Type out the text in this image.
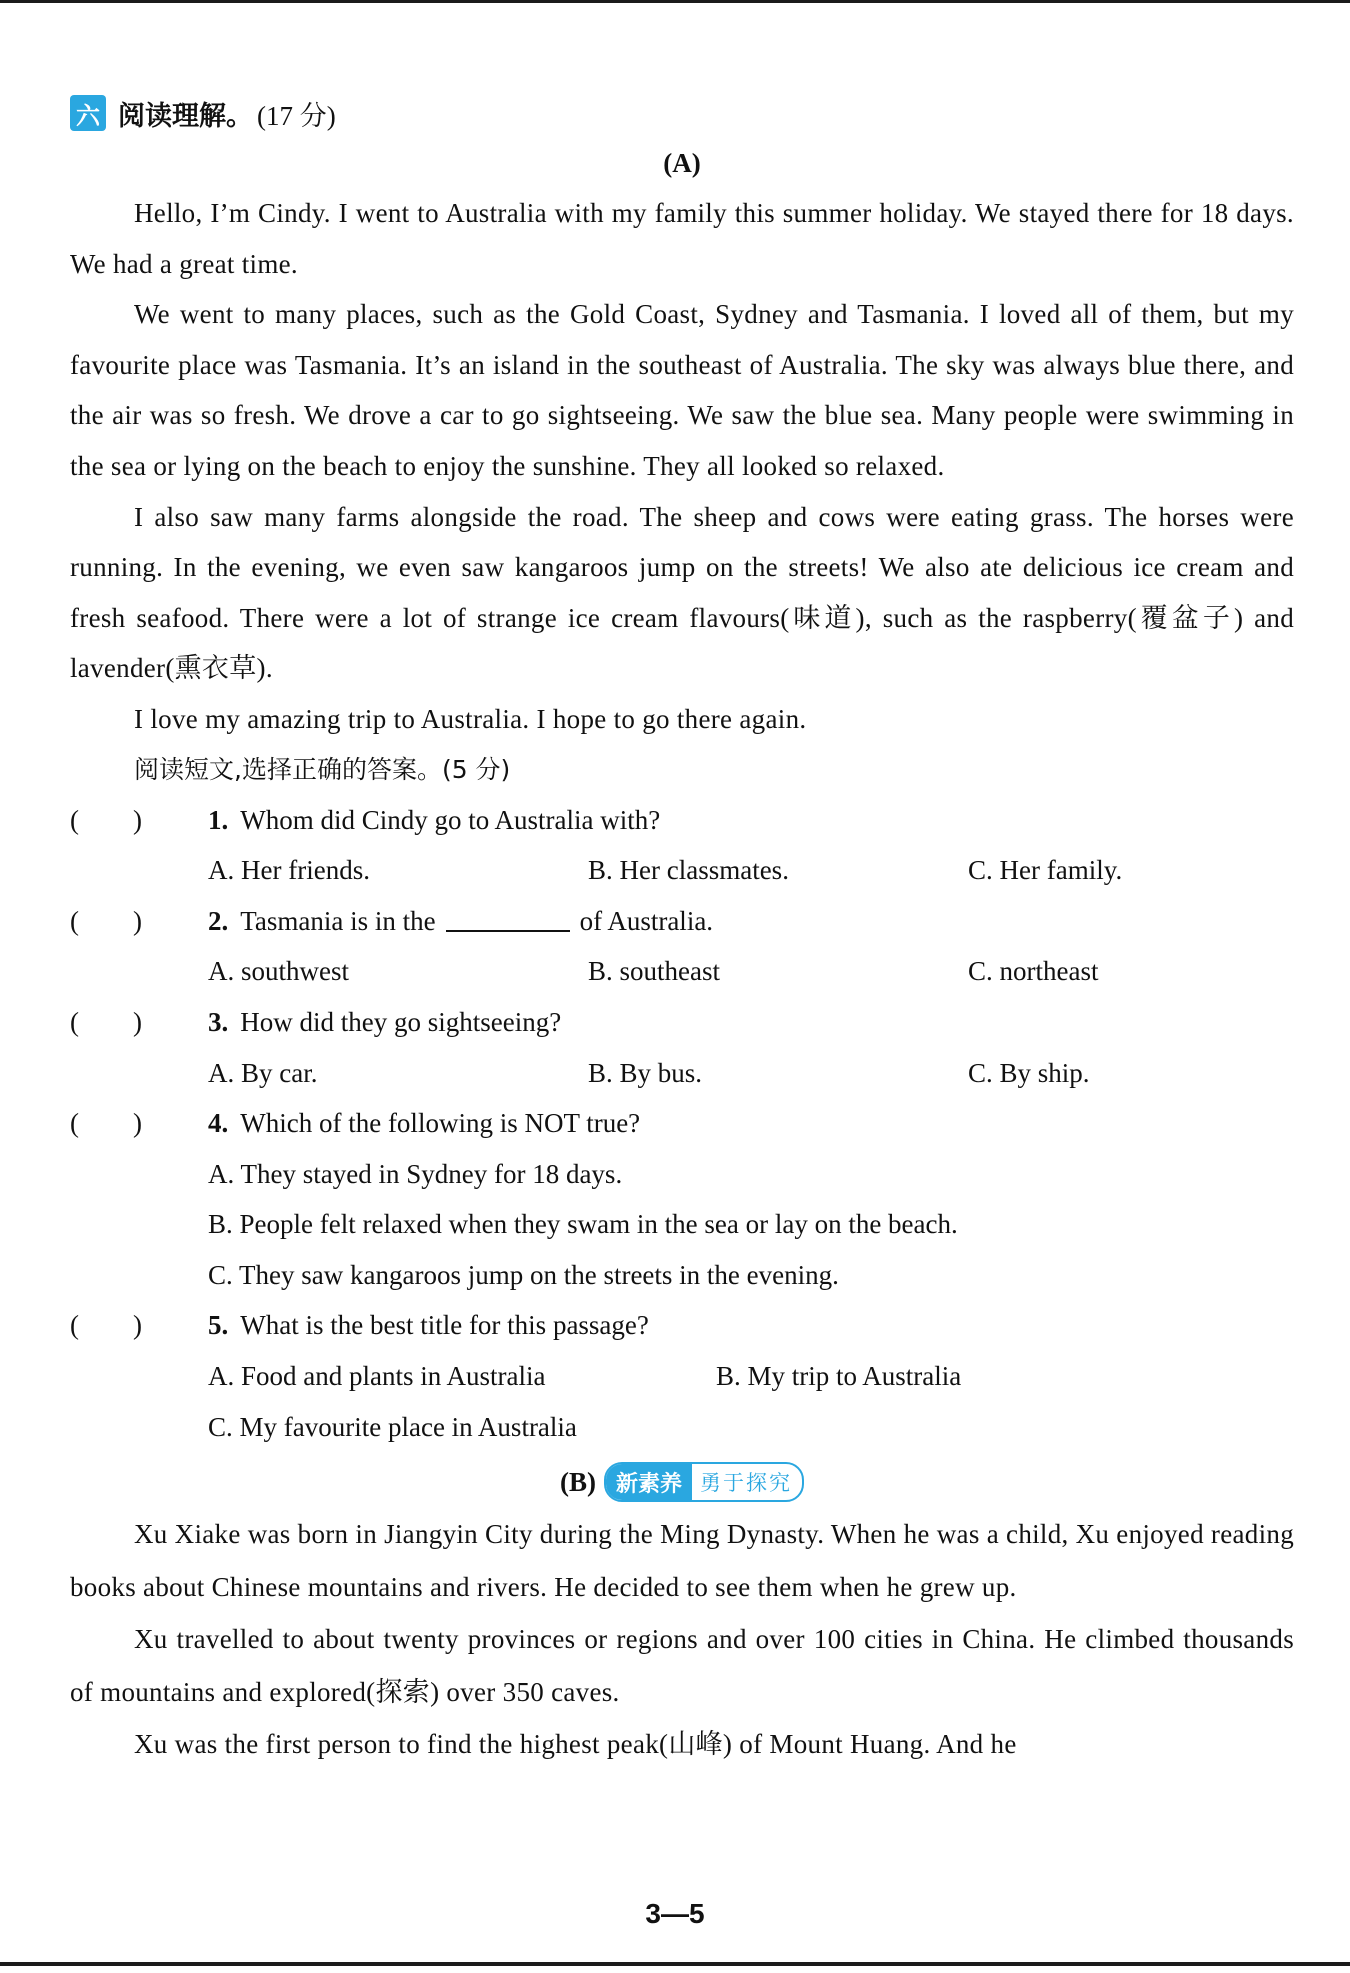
六 阅读理解。 (17 分)
(A)

Hello, I’m Cindy. I went to Australia with my family this summer holiday. We stayed there for 18 days. We had a great time.

We went to many places, such as the Gold Coast, Sydney and Tasmania. I loved all of them, but my favourite place was Tasmania. It’s an island in the southeast of Australia. The sky was always blue there, and the air was so fresh. We drove a car to go sightseeing. We saw the blue sea. Many people were swimming in the sea or lying on the beach to enjoy the sunshine. They all looked so relaxed.

I also saw many farms alongside the road. The sheep and cows were eating grass. The horses were running. In the evening, we even saw kangaroos jump on the streets! We also ate delicious ice cream and fresh seafood. There were a lot of strange ice cream flavours(味道), such as the raspberry(覆盆子) and lavender(熏衣草).

I love my amazing trip to Australia. I hope to go there again.

阅读短文,选择正确的答案。(5 分)
(        )	1. Whom did Cindy go to Australia with?
A. Her friends.	B. Her classmates.	C. Her family.
(        )	2. Tasmania is in the	of Australia.
A. southwest	B. southeast	C. northeast
(        )	3. How did they go sightseeing?
A. By car.	B. By bus.	C. By ship.
(        )	4. Which of the following is NOT true?
A. They stayed in Sydney for 18 days.
B. People felt relaxed when they swam in the sea or lay on the beach.
C. They saw kangaroos jump on the streets in the evening.
(        )	5. What is the best title for this passage?
A. Food and plants in Australia	B. My trip to Australia
C. My favourite place in Australia
(B) 新素养 勇于探究

Xu Xiake was born in Jiangyin City during the Ming Dynasty. When he was a child, Xu enjoyed reading books about Chinese mountains and rivers. He decided to see them when he grew up.

Xu travelled to about twenty provinces or regions and over 100 cities in China. He climbed thousands of mountains and explored(探索) over 350 caves.

Xu was the first person to find the highest peak(山峰) of Mount Huang. And he

3—5
